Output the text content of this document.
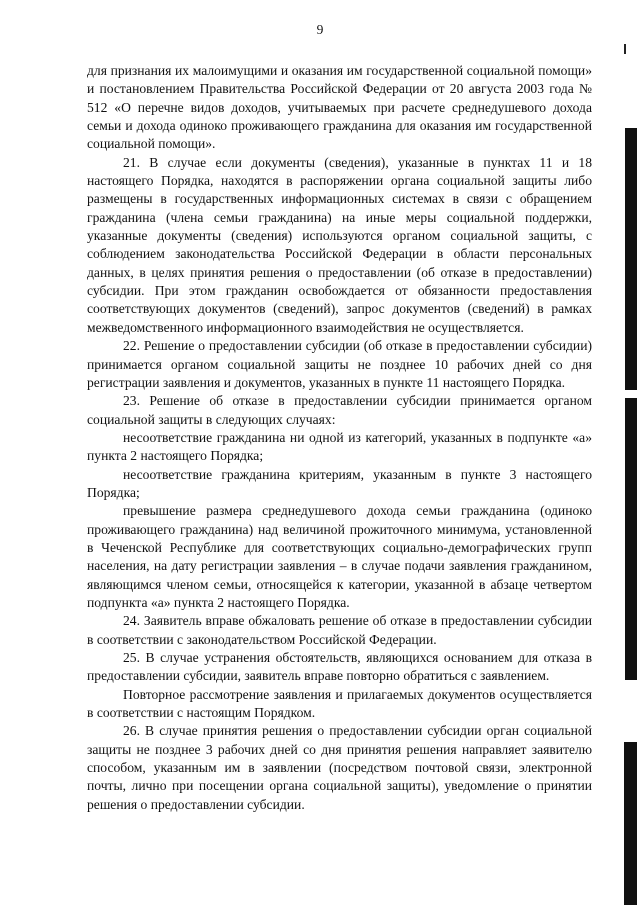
9

для признания их малоимущими и оказания им государственной социальной помощи» и постановлением Правительства Российской Федерации от 20 августа 2003 года № 512 «О перечне видов доходов, учитываемых при расчете среднедушевого дохода семьи и дохода одиноко проживающего гражданина для оказания им государственной социальной помощи».

21. В случае если документы (сведения), указанные в пунктах 11 и 18 настоящего Порядка, находятся в распоряжении органа социальной защиты либо размещены в государственных информационных системах в связи с обращением гражданина (члена семьи гражданина) на иные меры социальной поддержки, указанные документы (сведения) используются органом социальной защиты, с соблюдением законодательства Российской Федерации в области персональных данных, в целях принятия решения о предоставлении (об отказе в предоставлении) субсидии. При этом гражданин освобождается от обязанности предоставления соответствующих документов (сведений), запрос документов (сведений) в рамках межведомственного информационного взаимодействия не осуществляется.

22. Решение о предоставлении субсидии (об отказе в предоставлении субсидии) принимается органом социальной защиты не позднее 10 рабочих дней со дня регистрации заявления и документов, указанных в пункте 11 настоящего Порядка.

23. Решение об отказе в предоставлении субсидии принимается органом социальной защиты в следующих случаях:

несоответствие гражданина ни одной из категорий, указанных в подпункте «а» пункта 2 настоящего Порядка;

несоответствие гражданина критериям, указанным в пункте 3 настоящего Порядка;

превышение размера среднедушевого дохода семьи гражданина (одиноко проживающего гражданина) над величиной прожиточного минимума, установленной в Чеченской Республике для соответствующих социально-демографических групп населения, на дату регистрации заявления – в случае подачи заявления гражданином, являющимся членом семьи, относящейся к категории, указанной в абзаце четвертом подпункта «а» пункта 2 настоящего Порядка.

24. Заявитель вправе обжаловать решение об отказе в предоставлении субсидии в соответствии с законодательством Российской Федерации.

25. В случае устранения обстоятельств, являющихся основанием для отказа в предоставлении субсидии, заявитель вправе повторно обратиться с заявлением.

Повторное рассмотрение заявления и прилагаемых документов осуществляется в соответствии с настоящим Порядком.

26. В случае принятия решения о предоставлении субсидии орган социальной защиты не позднее 3 рабочих дней со дня принятия решения направляет заявителю способом, указанным им в заявлении (посредством почтовой связи, электронной почты, лично при посещении органа социальной защиты), уведомление о принятии решения о предоставлении субсидии.
